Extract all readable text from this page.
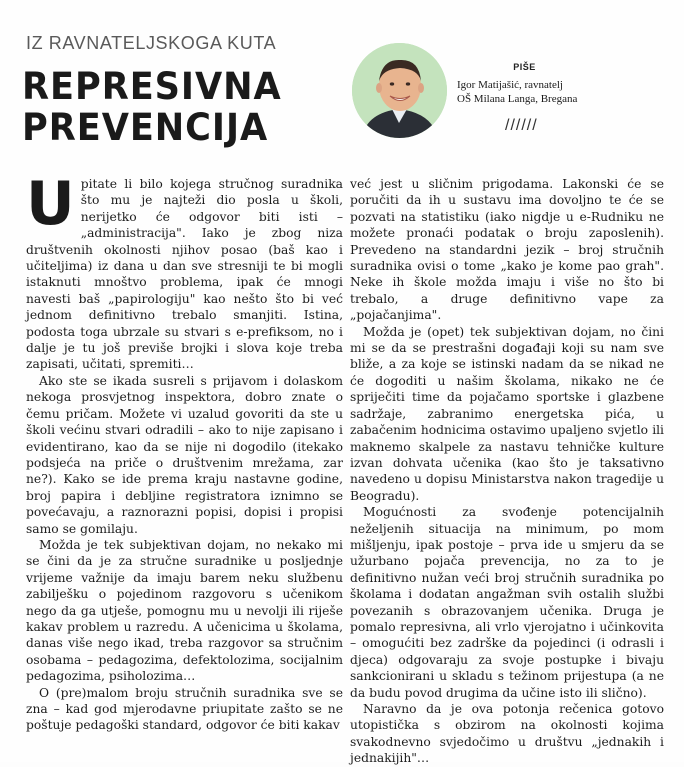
IZ RAVNATELJSKOGA KUTA
REPRESIVNA
PREVENCIJA
PIŠE
Igor Matijašić, ravnatelj
OŠ Milana Langa, Bregana
//////

Upitate li bilo kojega stručnog suradnika što mu je najteži dio posla u školi, nerijetko će odgovor biti isti – „administracija". Iako je zbog niza društvenih okolnosti njihov posao (baš kao i učiteljima) iz dana u dan sve stresniji te bi mogli istaknuti mnoštvo problema, ipak će mnogi navesti baš „papirologiju" kao nešto što bi već jednom definitivno trebalo smanjiti. Istina, podosta toga ubrzale su stvari s e-prefiksom, no i dalje je tu još previše brojki i slova koje treba zapisati, učitati, spremiti…

Ako ste se ikada susreli s prijavom i dolaskom nekoga prosvjetnog inspektora, dobro znate o čemu pričam. Možete vi uzalud govoriti da ste u školi većinu stvari odradili – ako to nije zapisano i evidentirano, kao da se nije ni dogodilo (itekako podsjeća na priče o društvenim mrežama, zar ne?). Kako se ide prema kraju nastavne godine, broj papira i debljine registratora iznimno se povećavaju, a raznorazni popisi, dopisi i propisi samo se gomilaju.

Možda je tek subjektivan dojam, no nekako mi se čini da je za stručne suradnike u posljednje vrijeme važnije da imaju barem neku službenu zabilješku o pojedinom razgovoru s učenikom nego da ga utješe, pomognu mu u nevolji ili riješe kakav problem u razredu. A učenicima u školama, danas više nego ikad, treba razgovor sa stručnim osobama – pedagozima, defektolozima, socijalnim pedagozima, psiholozima…

O (pre)malom broju stručnih suradnika sve se zna – kad god mjerodavne priupitate zašto se ne poštuje pedagoški standard, odgovor će biti kakav

već jest u sličnim prigodama. Lakonski će se poručiti da ih u sustavu ima dovoljno te će se pozvati na statistiku (iako nigdje u e-Rudniku ne možete pronaći podatak o broju zaposlenih). Prevedeno na standardni jezik – broj stručnih suradnika ovisi o tome „kako je kome pao grah". Neke ih škole možda imaju i više no što bi trebalo, a druge definitivno vape za „pojačanjima".

Možda je (opet) tek subjektivan dojam, no čini mi se da se prestrašni događaji koji su nam sve bliže, a za koje se istinski nadam da se nikad ne će dogoditi u našim školama, nikako ne će spriječiti time da pojačamo sportske i glazbene sadržaje, zabranimo energetska pića, u zabačenim hodnicima ostavimo upaljeno svjetlo ili maknemo skalpele za nastavu tehničke kulture izvan dohvata učenika (kao što je taksativno navedeno u dopisu Ministarstva nakon tragedije u Beogradu).

Mogućnosti za svođenje potencijalnih neželjenih situacija na minimum, po mom mišljenju, ipak postoje – prva ide u smjeru da se užurbano pojača prevencija, no za to je definitivno nužan veći broj stručnih suradnika po školama i dodatan angažman svih ostalih službi povezanih s obrazovanjem učenika. Druga je pomalo represivna, ali vrlo vjerojatno i učinkovita – omogućiti bez zadrške da pojedinci (i odrasli i djeca) odgovaraju za svoje postupke i bivaju sankcionirani u skladu s težinom prijestupa (a ne da budu povod drugima da učine isto ili slično).

Naravno da je ova potonja rečenica gotovo utopistička s obzirom na okolnosti kojima svakodnevno svjedočimo u društvu „jednakih i jednakijih"…
